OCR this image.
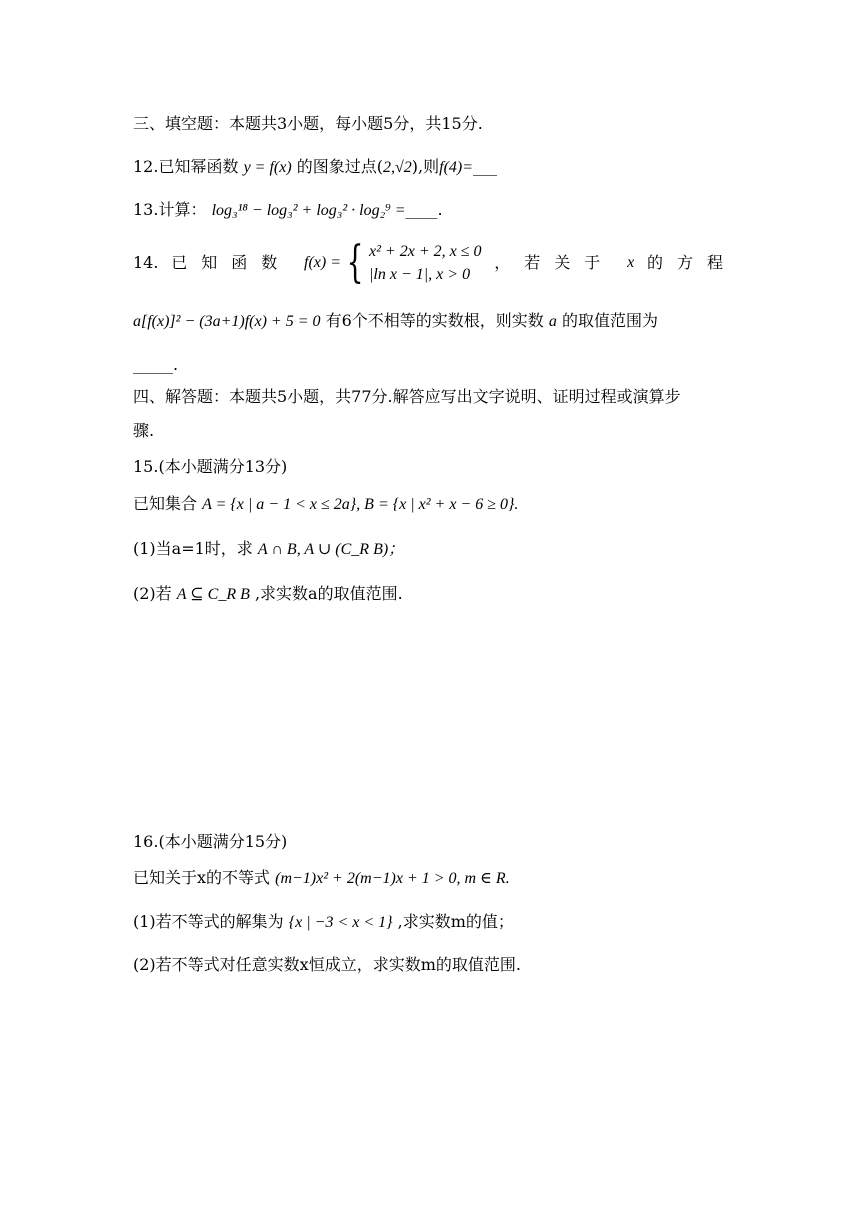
三、填空题：本题共3小题，每小题5分，共15分.
12.已知幂函数 y = f(x) 的图象过点(2,√2),则f(4)=___
13.计算： log₃¹⁸ − log₃² + log₃² · log₂⁹ =____.
14. 已知函数 f(x) = { x² + 2x + 2, x ≤ 0
|ln x − 1|, x > 0
，若关于 x 的方程
a[f(x)]² − (3a+1)f(x) + 5 = 0 有6个不相等的实数根，则实数 a 的取值范围为
_____.
四、解答题：本题共5小题，共77分.解答应写出文字说明、证明过程或演算步
骤.
15.(本小题满分13分)
已知集合 A = {x | a − 1 < x ≤ 2a}, B = {x | x² + x − 6 ≥ 0}.
(1)当a=1时，求 A ∩ B, A ∪ (C_R B)；
(2)若 A ⊆ C_R B ,求实数a的取值范围.
16.(本小题满分15分)
已知关于x的不等式 (m−1)x² + 2(m−1)x + 1 > 0, m ∈ R.
(1)若不等式的解集为 {x | −3 < x < 1} ,求实数m的值；
(2)若不等式对任意实数x恒成立，求实数m的取值范围.
